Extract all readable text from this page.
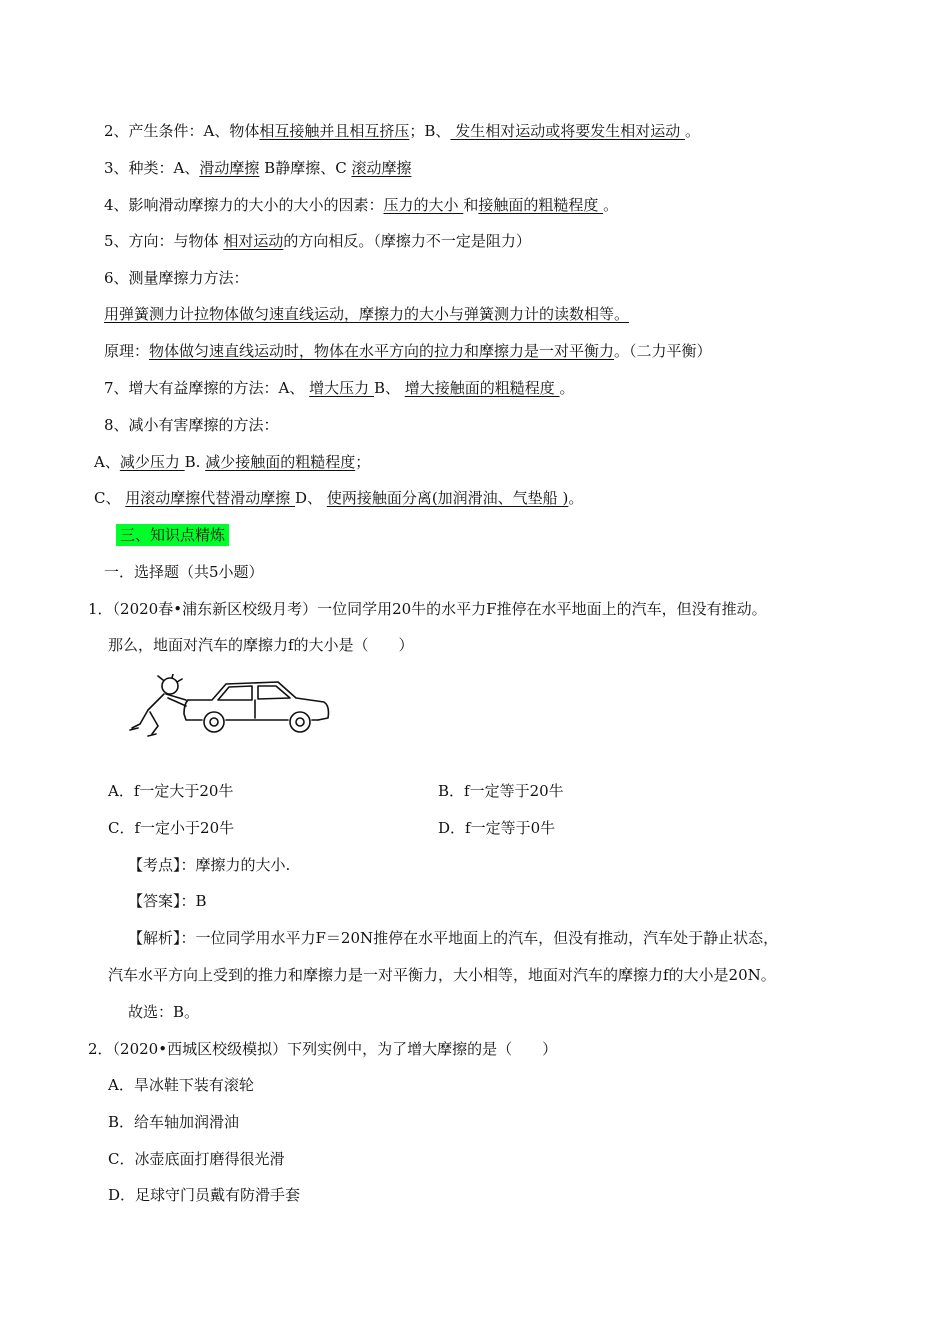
2、产生条件：A、物体相互接触并且相互挤压；B、 发生相对运动或将要发生相对运动 。
3、种类：A、滑动摩擦 B静摩擦、C 滚动摩擦
4、影响滑动摩擦力的大小的大小的因素：压力的大小 和接触面的粗糙程度 。
5、方向：与物体 相对运动的方向相反。（摩擦力不一定是阻力）
6、测量摩擦力方法：
用弹簧测力计拉物体做匀速直线运动，摩擦力的大小与弹簧测力计的读数相等。
原理：物体做匀速直线运动时，物体在水平方向的拉力和摩擦力是一对平衡力。（二力平衡）
7、增大有益摩擦的方法：A、 增大压力 B、 增大接触面的粗糙程度 。
8、减小有害摩擦的方法：
A、减少压力 B. 减少接触面的粗糙程度；
C、 用滚动摩擦代替滑动摩擦 D、 使两接触面分离(加润滑油、气垫船 )。
三、知识点精炼
一．选择题（共5小题）
1．（2020春•浦东新区校级月考）一位同学用20牛的水平力F推停在水平地面上的汽车，但没有推动。
那么，地面对汽车的摩擦力f的大小是（　　）
A．f一定大于20牛	B．f一定等于20牛
C．f一定小于20牛	D．f一定等于0牛
【考点】：摩擦力的大小.
【答案】：B
【解析】：一位同学用水平力F＝20N推停在水平地面上的汽车，但没有推动，汽车处于静止状态，
汽车水平方向上受到的推力和摩擦力是一对平衡力，大小相等，地面对汽车的摩擦力f的大小是20N。
故选：B。
2．（2020•西城区校级模拟）下列实例中，为了增大摩擦的是（　　）
A．旱冰鞋下装有滚轮
B．给车轴加润滑油
C．冰壶底面打磨得很光滑
D．足球守门员戴有防滑手套
